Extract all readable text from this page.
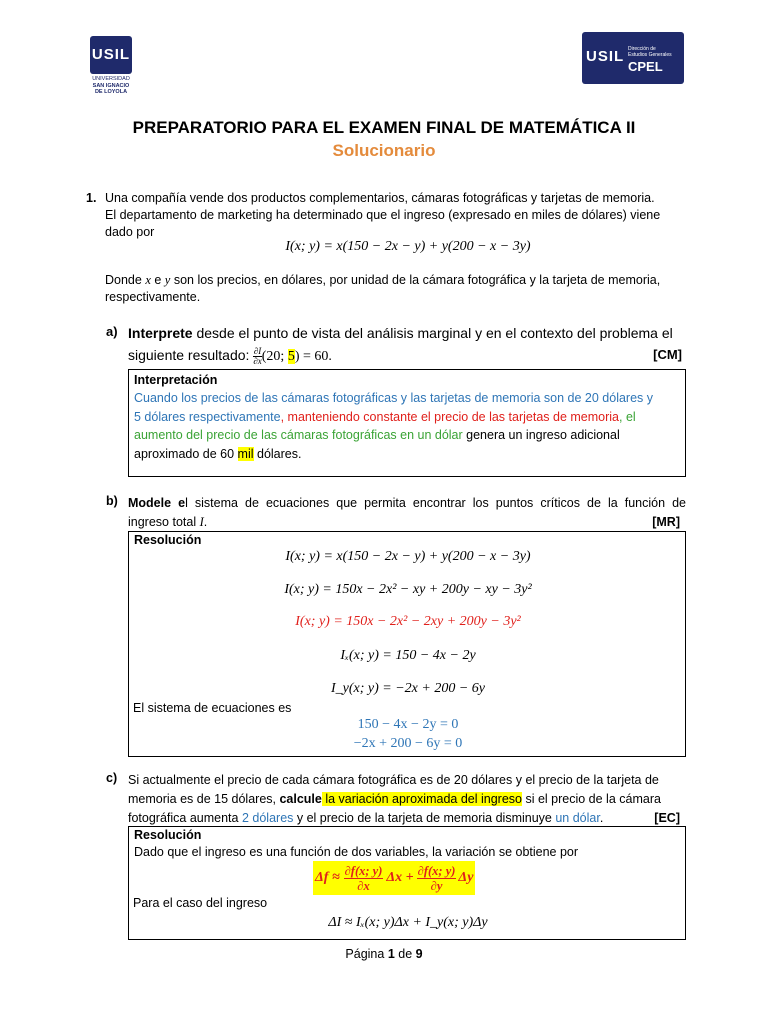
USIL
UNIVERSIDAD
SAN IGNACIO
DE LOYOLA
USIL Dirección de
Estudios Generales
CPEL
PREPARATORIO PARA EL EXAMEN FINAL DE MATEMÁTICA II
Solucionario
1. Una compañía vende dos productos complementarios, cámaras fotográficas y tarjetas de memoria.
El departamento de marketing ha determinado que el ingreso (expresado en miles de dólares) viene
dado por
I(x; y) = x(150 − 2x − y) + y(200 − x − 3y)
Donde x e y son los precios, en dólares, por unidad de la cámara fotográfica y la tarjeta de memoria,
respectivamente.
a) Interprete desde el punto de vista del análisis marginal y en el contexto del problema el
siguiente resultado: $\frac{\partial I}{\partial x} (20$; 5) = 60.	[CM]
Interpretación
Cuando los precios de las cámaras fotográficas y las tarjetas de memoria son de 20 dólares y
5 dólares respectivamente, manteniendo constante el precio de las tarjetas de memoria, el
aumento del precio de las cámaras fotográficas en un dólar genera un ingreso adicional
aproximado de 60 mil dólares.
b) Modele el sistema de ecuaciones que permita encontrar los puntos críticos de la función de
ingreso total I.	[MR]
Resolución
I(x; y) = x(150 − 2x − y) + y(200 − x − 3y)
I(x; y) = 150x − 2x² − xy + 200y − xy − 3y²
I(x; y) = 150x − 2x² − 2xy + 200y − 3y²
Iₓ(x; y) = 150 − 4x − 2y
I_y(x; y) = −2x + 200 − 6y
El sistema de ecuaciones es
150 − 4x − 2y = 0
−2x + 200 − 6y = 0
c) Si actualmente el precio de cada cámara fotográfica es de 20 dólares y el precio de la tarjeta de
memoria es de 15 dólares, calcule la variación aproximada del ingreso si el precio de la cámara
fotográfica aumenta 2 dólares y el precio de la tarjeta de memoria disminuye un dólar.	[EC]
Resolución
Dado que el ingreso es una función de dos variables, la variación se obtiene por
$\Delta f \approx \frac{\partial f(x; y)}{\partial x}$ $\Delta x + \frac{\partial f(x; y)}{\partial y}$ Δy
Para el caso del ingreso
ΔI ≈ Iₓ(x; y)Δx + I_y(x; y)Δy
Página 1 de 9
